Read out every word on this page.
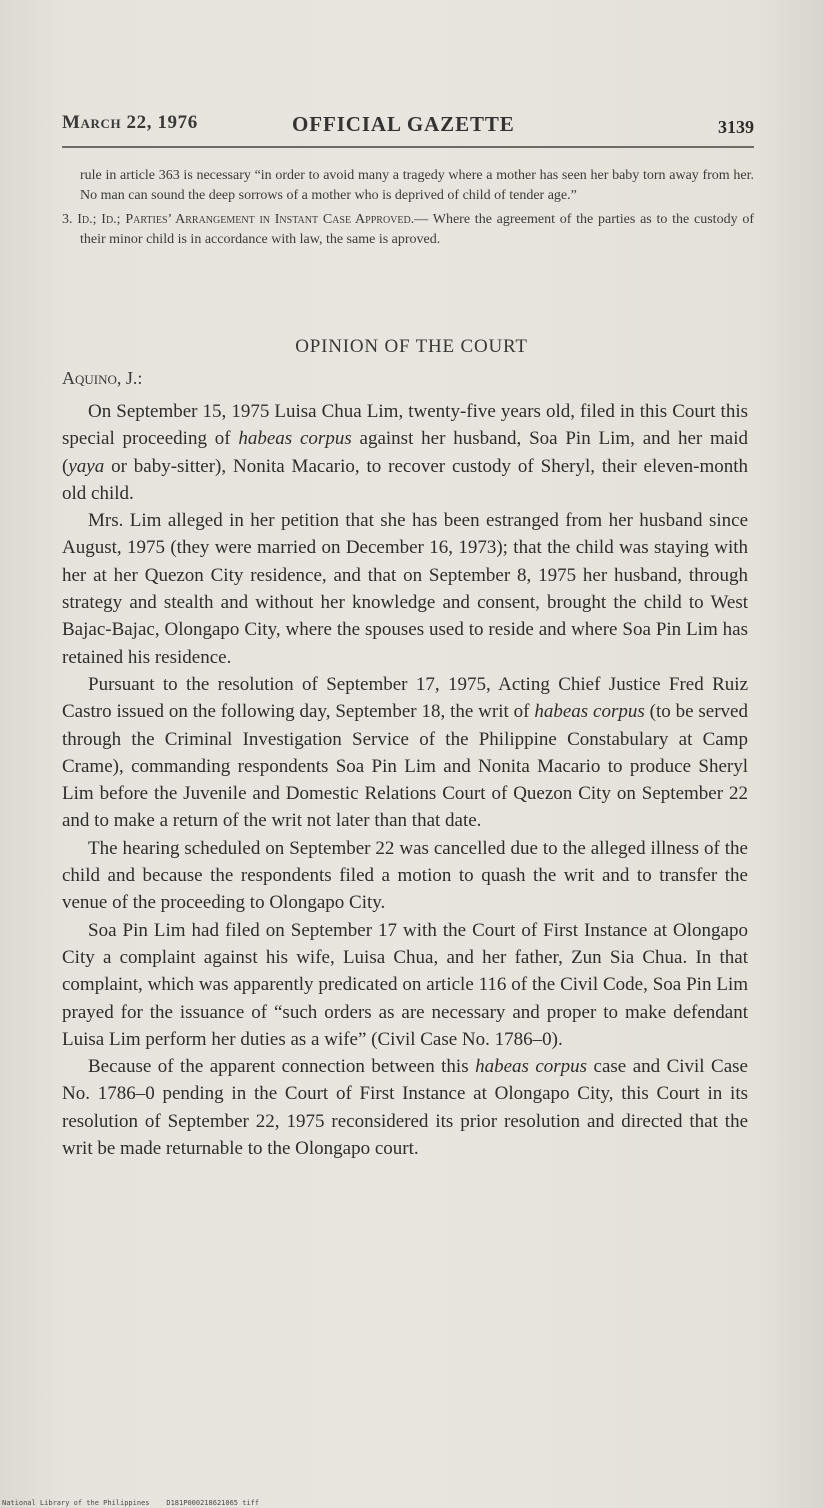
March 22, 1976	OFFICIAL GAZETTE	3139

rule in article 363 is necessary “in order to avoid many a tragedy where a mother has seen her baby torn away from her. No man can sound the deep sorrows of a mother who is deprived of child of tender age.”

3. Id.; Id.; Parties’ Arrangement in Instant Case Approved.— Where the agreement of the parties as to the custody of their minor child is in accordance with law, the same is aproved.

OPINION OF THE COURT
Aquino, J.:

On September 15, 1975 Luisa Chua Lim, twenty-five years old, filed in this Court this special proceeding of habeas corpus against her husband, Soa Pin Lim, and her maid (yaya or baby-sitter), Nonita Macario, to recover custody of Sheryl, their eleven-month old child.

Mrs. Lim alleged in her petition that she has been estranged from her husband since August, 1975 (they were married on December 16, 1973); that the child was staying with her at her Quezon City residence, and that on September 8, 1975 her husband, through strategy and stealth and without her knowledge and consent, brought the child to West Bajac-Bajac, Olongapo City, where the spouses used to reside and where Soa Pin Lim has retained his residence.

Pursuant to the resolution of September 17, 1975, Acting Chief Justice Fred Ruiz Castro issued on the following day, September 18, the writ of habeas corpus (to be served through the Criminal Investigation Service of the Philippine Constabulary at Camp Crame), commanding respondents Soa Pin Lim and Nonita Macario to produce Sheryl Lim before the Juvenile and Domestic Relations Court of Quezon City on September 22 and to make a return of the writ not later than that date.

The hearing scheduled on September 22 was cancelled due to the alleged illness of the child and because the respondents filed a motion to quash the writ and to transfer the venue of the proceeding to Olongapo City.

Soa Pin Lim had filed on September 17 with the Court of First Instance at Olongapo City a complaint against his wife, Luisa Chua, and her father, Zun Sia Chua. In that complaint, which was apparently predicated on article 116 of the Civil Code, Soa Pin Lim prayed for the issuance of “such orders as are necessary and proper to make defendant Luisa Lim perform her duties as a wife” (Civil Case No. 1786–0).

Because of the apparent connection between this habeas corpus case and Civil Case No. 1786–0 pending in the Court of First Instance at Olongapo City, this Court in its resolution of September 22, 1975 reconsidered its prior resolution and directed that the writ be made returnable to the Olongapo court.

National Library of the Philippines D181P000218621065 tiff
